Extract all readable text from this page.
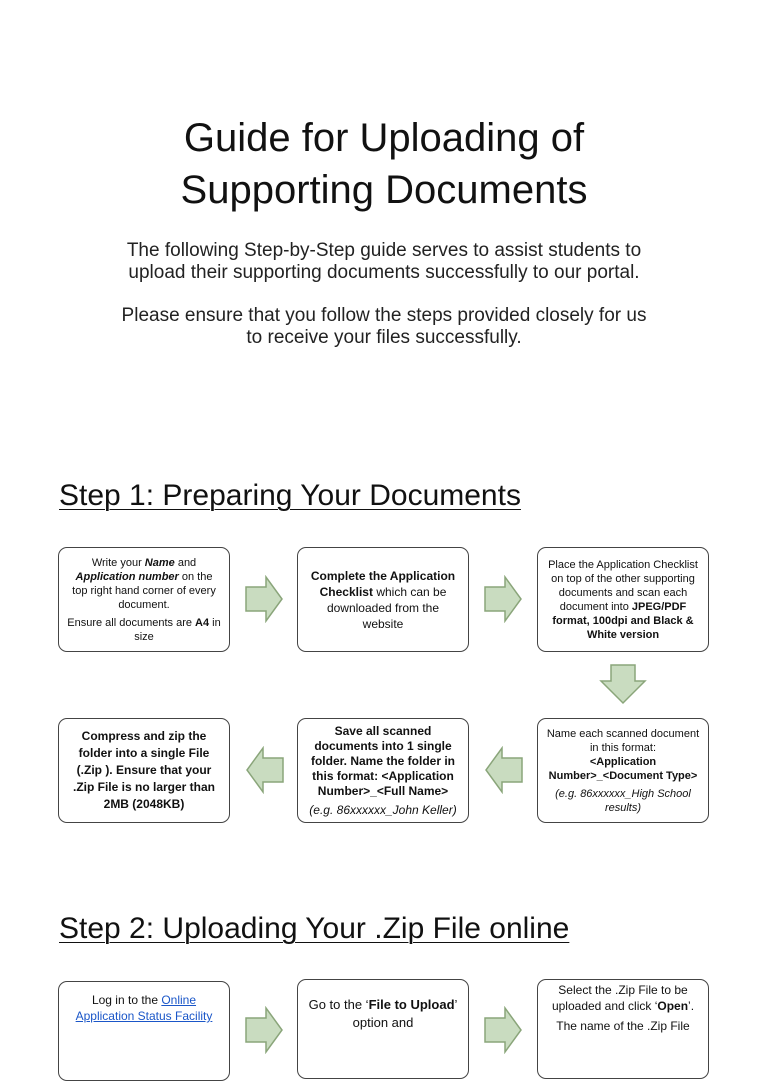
Guide for Uploading of
Supporting Documents
The following Step-by-Step guide serves to assist students to
upload their supporting documents successfully to our portal.
Please ensure that you follow the steps provided closely for us
to receive your files successfully.
Step 1: Preparing Your Documents

Write your Name and
Application number on the top right hand corner of every document.

Ensure all documents are A4 in size

Complete the Application Checklist which can be downloaded from the website

Place the Application Checklist on top of the other supporting documents and scan each document into JPEG/PDF format, 100dpi and Black & White version

Name each scanned document in this format:
<Application Number>_<Document Type>

(e.g. 86xxxxxx_High School results)

Save all scanned documents into 1 single folder. Name the folder in this format: <Application Number>_<Full Name>

(e.g. 86xxxxxx_John Keller)

Compress and zip the folder into a single File (.Zip ). Ensure that your .Zip File is no larger than 2MB (2048KB)

Step 2: Uploading Your .Zip File online

Log in to the Online Application Status Facility

Go to the ‘File to Upload’ option and

Select the .Zip File to be uploaded and click ‘Open’.

The name of the .Zip File
